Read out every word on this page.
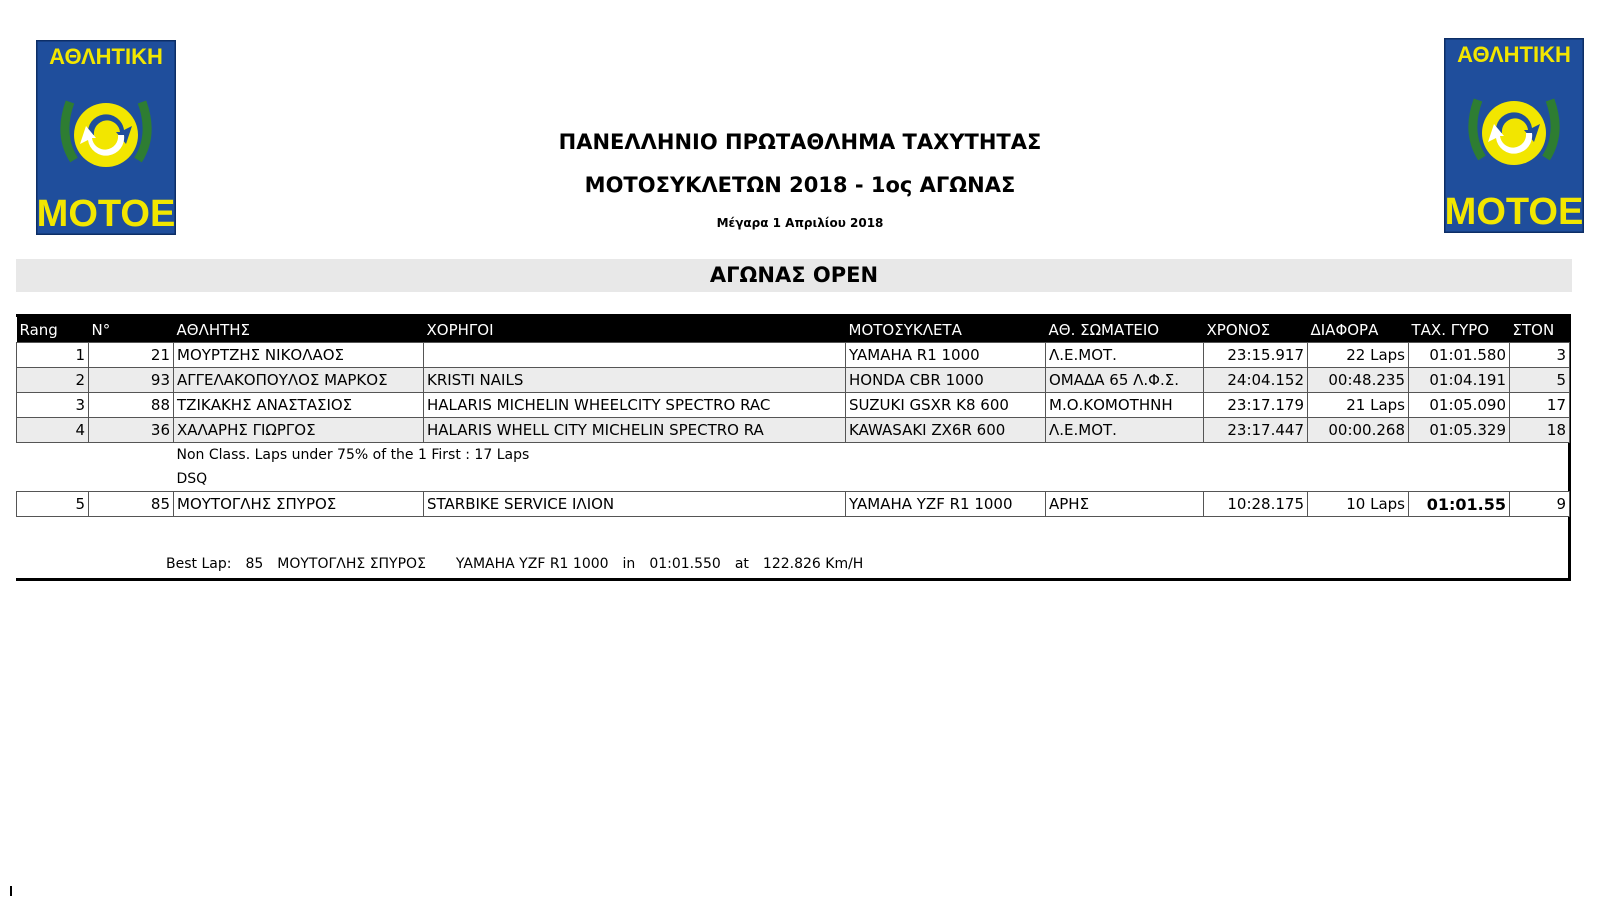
ΑΘΛΗΤΙΚΗ
ΜΟΤΟΕ
ΑΘΛΗΤΙΚΗ
ΜΟΤΟΕ
ΠΑΝΕΛΛΗΝΙΟ ΠΡΩΤΑΘΛΗΜΑ ΤΑΧΥΤΗΤΑΣ
ΜΟΤΟΣΥΚΛΕΤΩΝ 2018 - 1ος ΑΓΩΝΑΣ
Μέγαρα 1 Απριλίου 2018
ΑΓΩΝΑΣ OPEN
Rang	N°	ΑΘΛΗΤΗΣ	ΧΟΡΗΓΟΙ	ΜΟΤΟΣΥΚΛΕΤΑ	ΑΘ. ΣΩΜΑΤΕΙΟ	ΧΡΟΝΟΣ	ΔΙΑΦΟΡΑ	ΤΑΧ. ΓΥΡΟ	ΣΤΟΝ
1	21	ΜΟΥΡΤΖΗΣ ΝΙΚΟΛΑΟΣ		YAMAHA R1 1000	Λ.Ε.ΜΟΤ.	23:15.917	22 Laps	01:01.580	3
2	93	ΑΓΓΕΛΑΚΟΠΟΥΛΟΣ ΜΑΡΚΟΣ	KRISTI NAILS	HONDA CBR 1000	ΟΜΑΔΑ 65 Λ.Φ.Σ.	24:04.152	00:48.235	01:04.191	5
3	88	ΤΖΙΚΑΚΗΣ ΑΝΑΣΤΑΣΙΟΣ	HALARIS MICHELIN WHEELCITY SPECTRO RAC	SUZUKI GSXR K8 600	Μ.Ο.ΚΟΜΟΤΗΝΗ	23:17.179	21 Laps	01:05.090	17
4	36	ΧΑΛΑΡΗΣ ΓΙΩΡΓΟΣ	HALARIS WHELL CITY MICHELIN SPECTRO RA	KAWASAKI ZX6R 600	Λ.Ε.ΜΟΤ.	23:17.447	00:00.268	01:05.329	18
		Non Class. Laps under 75% of the 1 First : 17 Laps							
		DSQ							
5	85	ΜΟΥΤΟΓΛΗΣ ΣΠΥΡΟΣ	STARBIKE SERVICE ΙΛΙΟΝ	YAMAHA YZF R1 1000	ΑΡΗΣ	10:28.175	10 Laps	01:01.55	9
Best Lap: 85 ΜΟΥΤΟΓΛΗΣ ΣΠΥΡΟΣ YAMAHA YZF R1 1000 in 01:01.550 at 122.826 Km/H
